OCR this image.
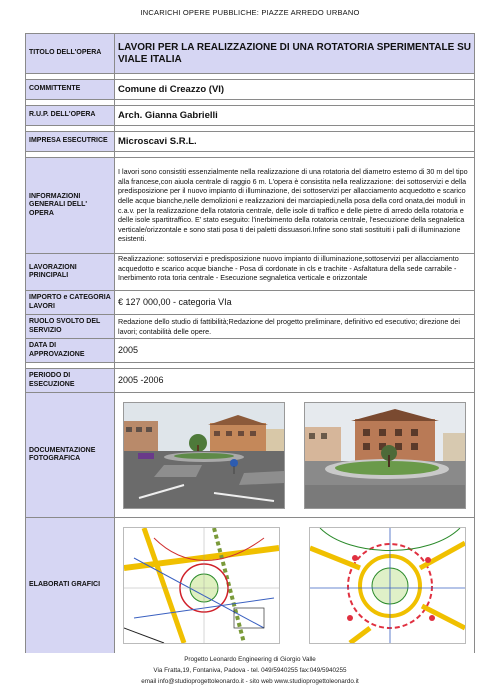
INCARICHI OPERE PUBBLICHE: PIAZZE ARREDO URBANO
TITOLO DELL'OPERA	LAVORI PER LA REALIZZAZIONE DI UNA ROTATORIA SPERIMENTALE SU VIALE ITALIA

COMMITTENTE	Comune di Creazzo (VI)

R.U.P. DELL'OPERA	Arch. Gianna Gabrielli

IMPRESA ESECUTRICE	Microscavi S.R.L.

INFORMAZIONI GENERALI DELL' OPERA	I lavori sono consistiti essenzialmente nella realizzazione di una rotatoria del diametro esterno di 30 m del tipo alla francese,con aiuola centrale di raggio 6 m. L'opera è consistita nella realizzazione: dei sottoservizi e della predisposizione per il nuovo impianto di illuminazione, dei sottoservizi per allacciamento acquedotto e scarico delle acque bianche,nelle demolizioni e realizzazioni dei marciapiedi,nella posa della cord onata,dei moduli in c.a.v. per la realizzazione della rotatoria centrale, delle isole di traffico e delle pietre di arredo della rotatoria e delle isole spartitraffico. E' stato eseguito: l'inerbimento della rotatoria centrale, l'esecuzione della segnaletica verticale/orizzontale e sono stati posa ti dei paletti dissuasori.Infine sono stati sostituiti i palli di illuminazione esistenti.
LAVORAZIONI PRINCIPALI	Realizzazione: sottoservizi e predisposizione nuovo impianto di illuminazione,sottoservizi per allacciamento acquedotto e scarico acque bianche - Posa di cordonate in cls e trachite - Asfaltatura della sede carrabile - Inerbimento rota toria centrale - Esecuzione segnaletica verticale e orizzontale

IMPORTO e CATEGORIA LAVORI	€ 127 000,00 - categoria VIa
RUOLO SVOLTO DEL SERVIZIO	Redazione dello studio di fattibilità;Redazione del progetto preliminare, definitivo ed esecutivo; direzione dei lavori; contabilità delle opere.
DATA DI APPROVAZIONE	2005

PERIODO DI ESECUZIONE	2005 -2006
DOCUMENTAZIONE FOTOGRAFICA	

ELABORATI GRAFICI	

Progetto Leonardo Engineering di Giorgio Valle
Via Fratta,19, Fontaniva, Padova - tel. 049/5940255 fax:049/5940255
email info@studioprogettoleonardo.it - sito web www.studioprogettoleonardo.it
